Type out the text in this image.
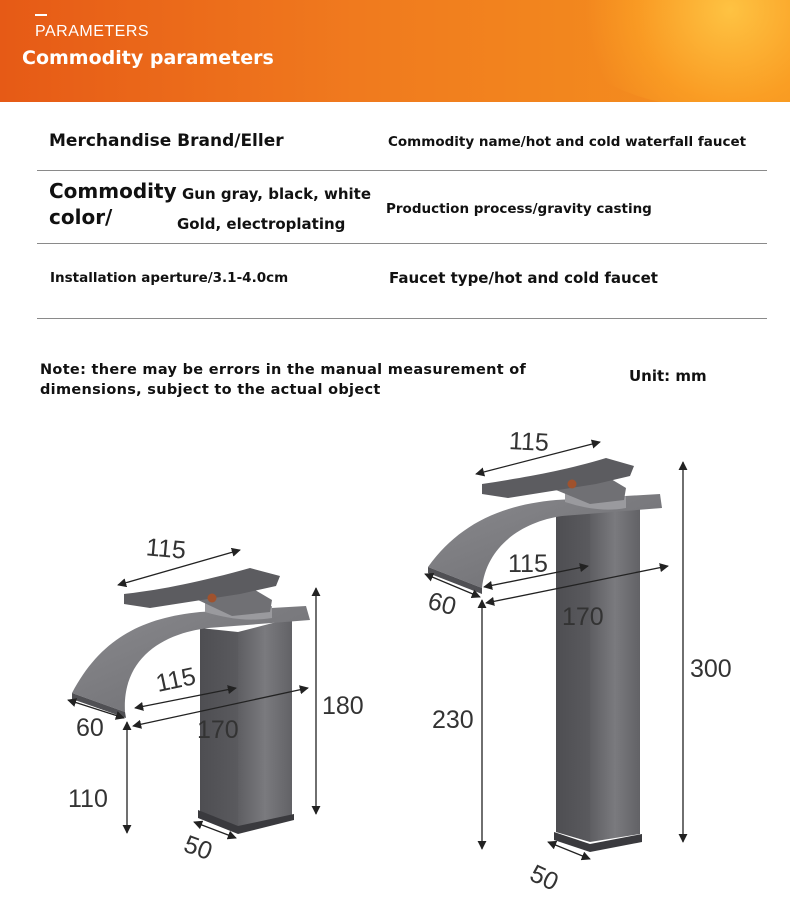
PARAMETERS
Commodity parameters
Merchandise Brand/Eller	Commodity name/hot and cold waterfall faucet
Commodity
color/
Gun gray, black, white
Gold, electroplating
Production process/gravity casting
Installation aperture/3.1-4.0cm	Faucet type/hot and cold faucet
Note: there may be errors in the manual measurement of
dimensions, subject to the actual object
Unit: mm
115
115
170
60
180
110
50
115
115
170
60
300
230
50
